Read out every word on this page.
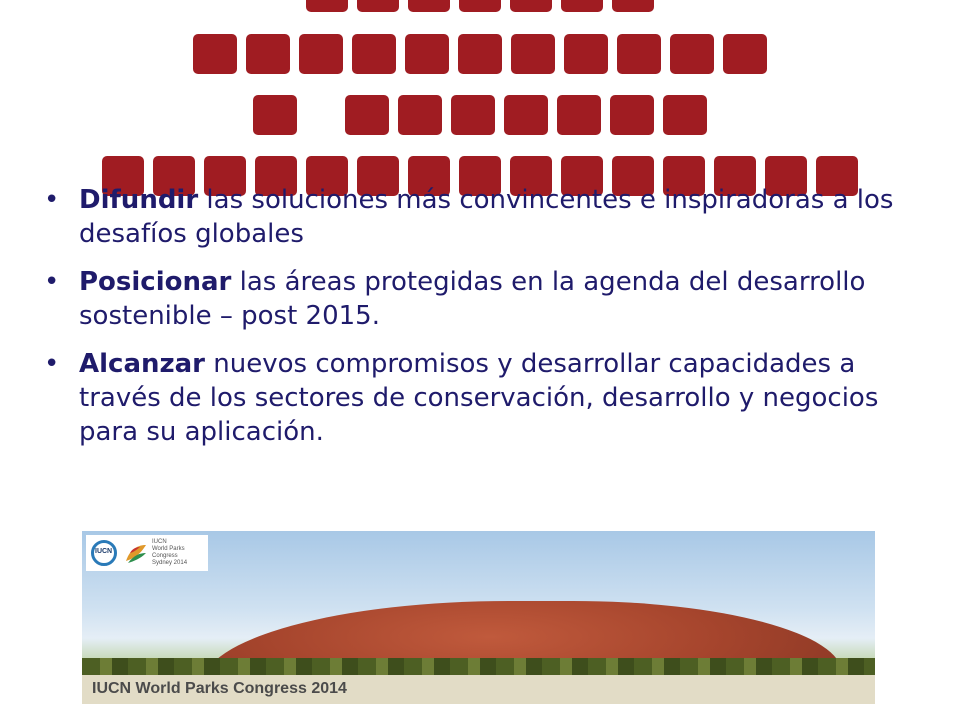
• Difundir las soluciones más convincentes e inspiradoras a los desafíos globales
• Posicionar las áreas protegidas en la agenda del desarrollo sostenible – post 2015.
• Alcanzar nuevos compromisos y desarrollar capacidades a través de los sectores de conservación, desarrollo y negocios para su aplicación.
IUCN
IUCN
World Parks
Congress
Sydney 2014
IUCN World Parks Congress 2014
